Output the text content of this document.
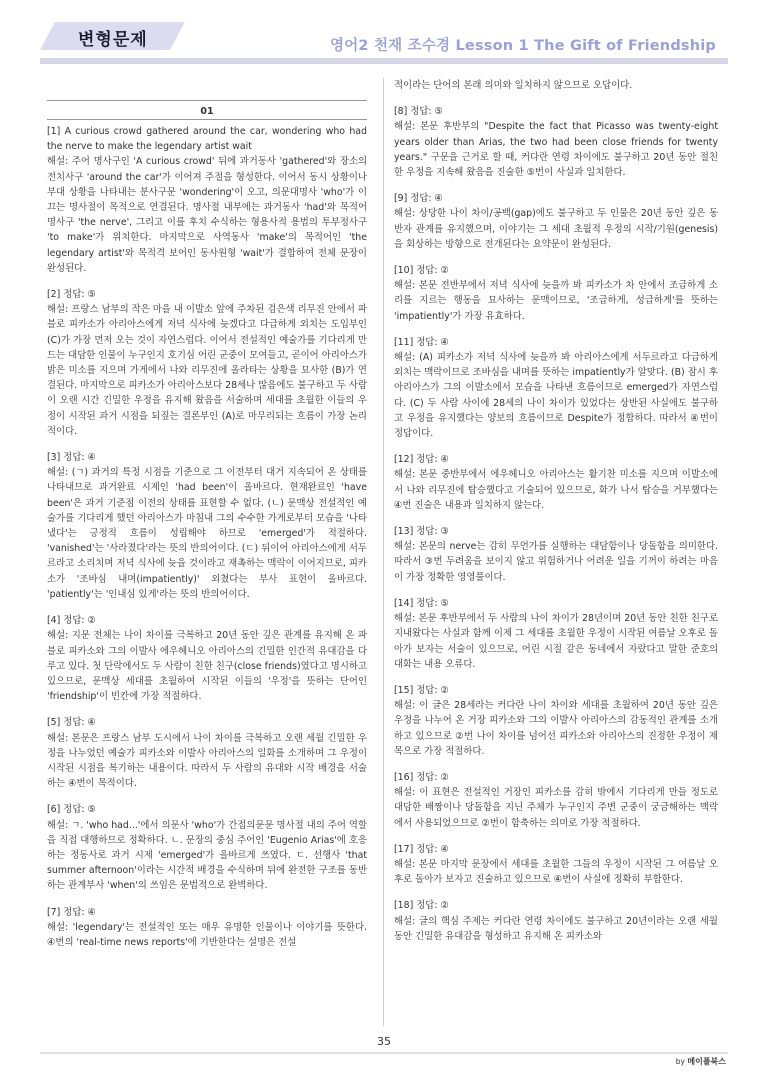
변형문제	영어2 천재 조수경 Lesson 1 The Gift of Friendship
01

[1] A curious crowd gathered around the car, wondering who had the nerve to make the legendary artist wait

해설: 주어 명사구인 'A curious crowd' 뒤에 과거동사 'gathered'와 장소의 전치사구 'around the car'가 이어져 주절을 형성한다. 이어서 동시 상황이나 부대 상황을 나타내는 분사구문 'wondering'이 오고, 의문대명사 'who'가 이끄는 명사절이 목적으로 연결된다. 명사절 내부에는 과거동사 'had'와 목적어 명사구 'the nerve', 그리고 이를 후치 수식하는 형용사적 용법의 투부정사구 'to make'가 위치한다. 마지막으로 사역동사 'make'의 목적어인 'the legendary artist'와 목적격 보어인 동사원형 'wait'가 결합하여 전체 문장이 완성된다.

[2] 정답: ⑤

해설: 프랑스 남부의 작은 마을 내 이발소 앞에 주차된 검은색 리무진 안에서 파블로 피카소가 아리아스에게 저녁 식사에 늦겠다고 다급하게 외치는 도입부인 (C)가 가장 먼저 오는 것이 자연스럽다. 이어서 전설적인 예술가를 기다리게 만드는 대담한 인물이 누구인지 호기심 어린 군중이 모여들고, 곧이어 아리아스가 밝은 미소를 지으며 가게에서 나와 리무진에 올라타는 상황을 묘사한 (B)가 연결된다. 마지막으로 피카소가 아리아스보다 28세나 많음에도 불구하고 두 사람이 오랜 시간 긴밀한 우정을 유지해 왔음을 서술하며 세대를 초월한 이들의 우정이 시작된 과거 시점을 되짚는 결론부인 (A)로 마무리되는 흐름이 가장 논리적이다.

[3] 정답: ④

해설: (ㄱ) 과거의 특정 시점을 기준으로 그 이전부터 대거 지속되어 온 상태를 나타내므로 과거완료 시제인 'had been'이 올바르다. 현재완료인 'have been'은 과거 기준점 이전의 상태를 표현할 수 없다. (ㄴ) 문맥상 전설적인 예술가를 기다리게 했던 아리아스가 마침내 그의 수수한 가게로부터 모습을 '나타냈다'는 긍정적 흐름이 성립해야 하므로 'emerged'가 적절하다. 'vanished'는 '사라졌다'라는 뜻의 반의어이다. (ㄷ) 뒤이어 아리아스에게 서두르라고 소리치며 저녁 식사에 늦을 것이라고 재촉하는 맥락이 이어지므로, 피카소가 '조바심 내며(impatiently)' 외쳤다는 부사 표현이 올바르다. 'patiently'는 '인내심 있게'라는 뜻의 반의어이다.

[4] 정답: ②

해설: 지문 전체는 나이 차이를 극복하고 20년 동안 깊은 관계를 유지해 온 파블로 피카소와 그의 이발사 에우헤니오 아리아스의 긴밀한 인간적 유대감을 다루고 있다. 첫 단락에서도 두 사람이 친한 친구(close friends)였다고 명시하고 있으므로, 문맥상 세대를 초월하여 시작된 이들의 '우정'을 뜻하는 단어인 'friendship'이 빈칸에 가장 적절하다.

[5] 정답: ④

해설: 본문은 프랑스 남부 도시에서 나이 차이를 극복하고 오랜 세월 긴밀한 우정을 나누었던 예술가 피카소와 이발사 아리아스의 일화를 소개하며 그 우정이 시작된 시점을 복기하는 내용이다. 따라서 두 사람의 유대와 시작 배경을 서술하는 ④번이 목적이다.

[6] 정답: ⑤

해설: ㄱ. 'who had...'에서 의문사 'who'가 간접의문문 명사절 내의 주어 역할을 직접 대행하므로 정확하다. ㄴ. 문장의 중심 주어인 'Eugenio Arias'에 호응하는 정동사로 과거 시제 'emerged'가 올바르게 쓰였다. ㄷ. 선행사 'that summer afternoon'이라는 시간적 배경을 수식하며 뒤에 완전한 구조를 동반하는 관계부사 'when'의 쓰임은 문법적으로 완벽하다.

[7] 정답: ④

해설: 'legendary'는 전설적인 또는 매우 유명한 인물이나 이야기를 뜻한다. ④번의 'real-time news reports'에 기반한다는 설명은 전설

적이라는 단어의 본래 의미와 일치하지 않으므로 오답이다.

[8] 정답: ⑤

해설: 본문 후반부의 "Despite the fact that Picasso was twenty-eight years older than Arias, the two had been close friends for twenty years." 구문을 근거로 할 때, 커다란 연령 차이에도 불구하고 20년 동안 절친한 우정을 지속해 왔음을 진술한 ⑤번이 사실과 일치한다.

[9] 정답: ④

해설: 상당한 나이 차이/공백(gap)에도 불구하고 두 인물은 20년 동안 깊은 동반자 관계를 유지했으며, 이야기는 그 세대 초월적 우정의 시작/기원(genesis)을 회상하는 방향으로 전개된다는 요약문이 완성된다.

[10] 정답: ②

해설: 본문 전반부에서 저녁 식사에 늦을까 봐 피카소가 차 안에서 조급하게 소리를 지르는 행동을 묘사하는 문맥이므로, '조급하게, 성급하게'를 뜻하는 'impatiently'가 가장 유효하다.

[11] 정답: ④

해설: (A) 피카소가 저녁 식사에 늦을까 봐 아리아스에게 서두르라고 다급하게 외치는 맥락이므로 조바심을 내며를 뜻하는 impatiently가 알맞다. (B) 잠시 후 아리아스가 그의 이발소에서 모습을 나타낸 흐름이므로 emerged가 자연스럽다. (C) 두 사람 사이에 28세의 나이 차이가 있었다는 상반된 사실에도 불구하고 우정을 유지했다는 양보의 흐름이므로 Despite가 정합하다. 따라서 ④번이 정답이다.

[12] 정답: ④

해설: 본문 중반부에서 에우헤니오 아리아스는 활기찬 미소를 지으며 이발소에서 나와 리무진에 탑승했다고 기술되어 있으므로, 화가 나서 탑승을 거부했다는 ④번 진술은 내용과 일치하지 않는다.

[13] 정답: ③

해설: 본문의 nerve는 감히 무언가를 실행하는 대담함이나 당돌함을 의미한다. 따라서 ③번 두려움을 보이지 않고 위험하거나 어려운 일을 기꺼이 하려는 마음이 가장 정확한 영영풀이다.

[14] 정답: ⑤

해설: 본문 후반부에서 두 사람의 나이 차이가 28년이며 20년 동안 친한 친구로 지내왔다는 사실과 함께 이제 그 세대를 초월한 우정이 시작된 여름날 오후로 돌아가 보자는 서술이 있으므로, 어린 시절 같은 동네에서 자랐다고 말한 준호의 대화는 내용 오류다.

[15] 정답: ②

해설: 이 글은 28세라는 커다란 나이 차이와 세대를 초월하여 20년 동안 깊은 우정을 나누어 온 거장 피카소와 그의 이발사 아리아스의 감동적인 관계를 소개하고 있으므로 ②번 나이 차이를 넘어선 피카소와 아리아스의 진정한 우정이 제목으로 가장 적절하다.

[16] 정답: ②

해설: 이 표현은 전설적인 거장인 피카소를 감히 밖에서 기다리게 만들 정도로 대담한 배짱이나 당돌함을 지닌 주체가 누구인지 주변 군중이 궁금해하는 맥락에서 사용되었으므로 ②번이 함축하는 의미로 가장 적절하다.

[17] 정답: ④

해설: 본문 마지막 문장에서 세대를 초월한 그들의 우정이 시작된 그 여름날 오후로 돌아가 보자고 진술하고 있으므로 ④번이 사실에 정확히 부합한다.

[18] 정답: ②

해설: 글의 핵심 주제는 커다란 연령 차이에도 불구하고 20년이라는 오랜 세월 동안 긴밀한 유대감을 형성하고 유지해 온 피카소와

35
by 메이플북스
